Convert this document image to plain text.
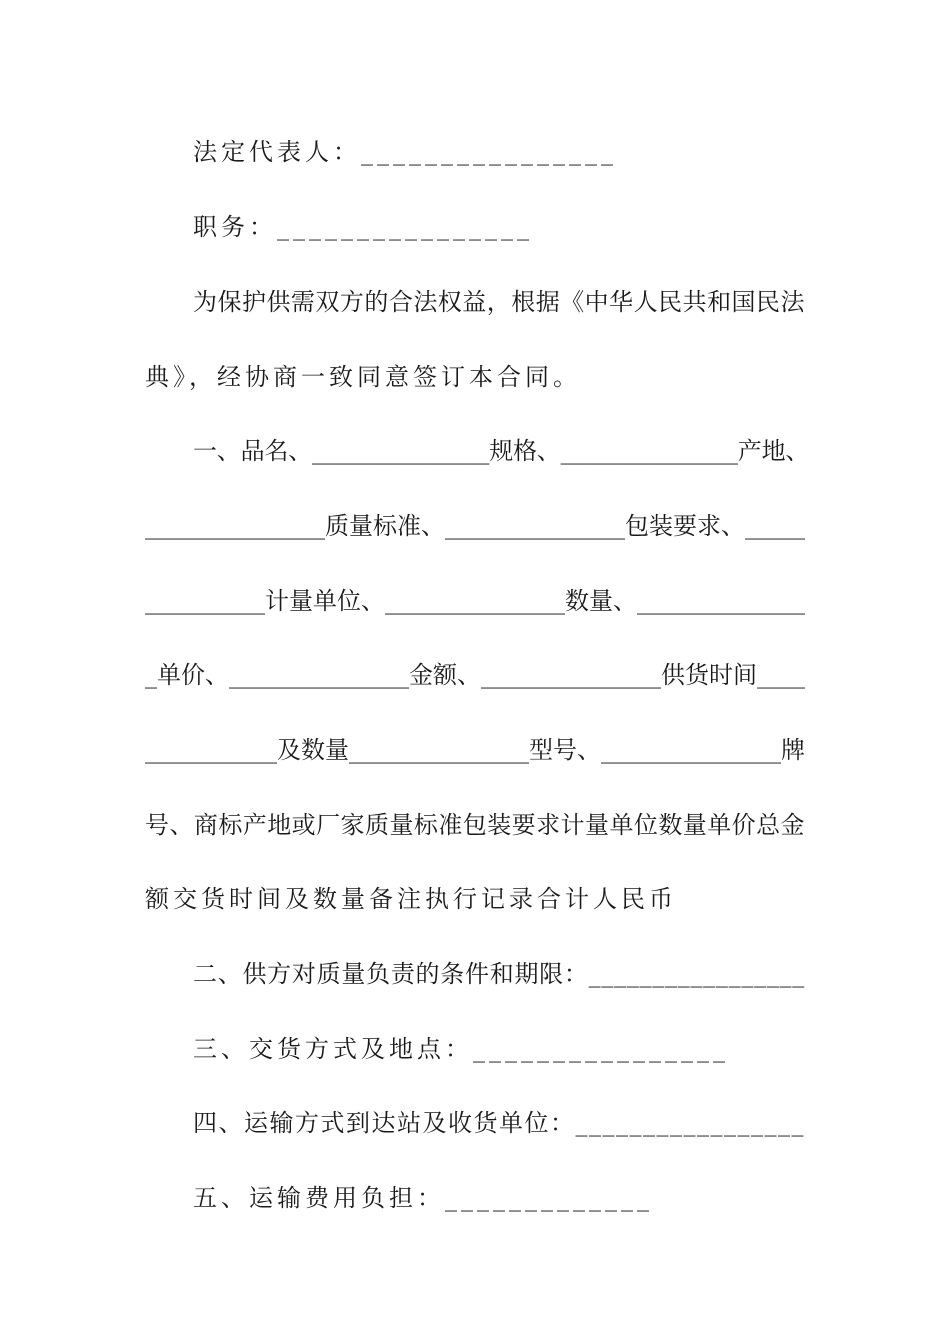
法定代表人：________________
职务：________________
为保护供需双方的合法权益，根据《中华人民共和国民法
典》，经协商一致同意签订本合同。
一、品名、_______________规格、_______________产地、
_______________质量标准、_______________包装要求、_____
__________计量单位、_______________数量、______________
_单价、_______________金额、_______________供货时间____
___________及数量_______________型号、_______________牌
号、商标产地或厂家质量标准包装要求计量单位数量单价总金
额交货时间及数量备注执行记录合计人民币
二、供方对质量负责的条件和期限：_________________
三、交货方式及地点：________________
四、运输方式到达站及收货单位：_________________
五、运输费用负担：_____________
